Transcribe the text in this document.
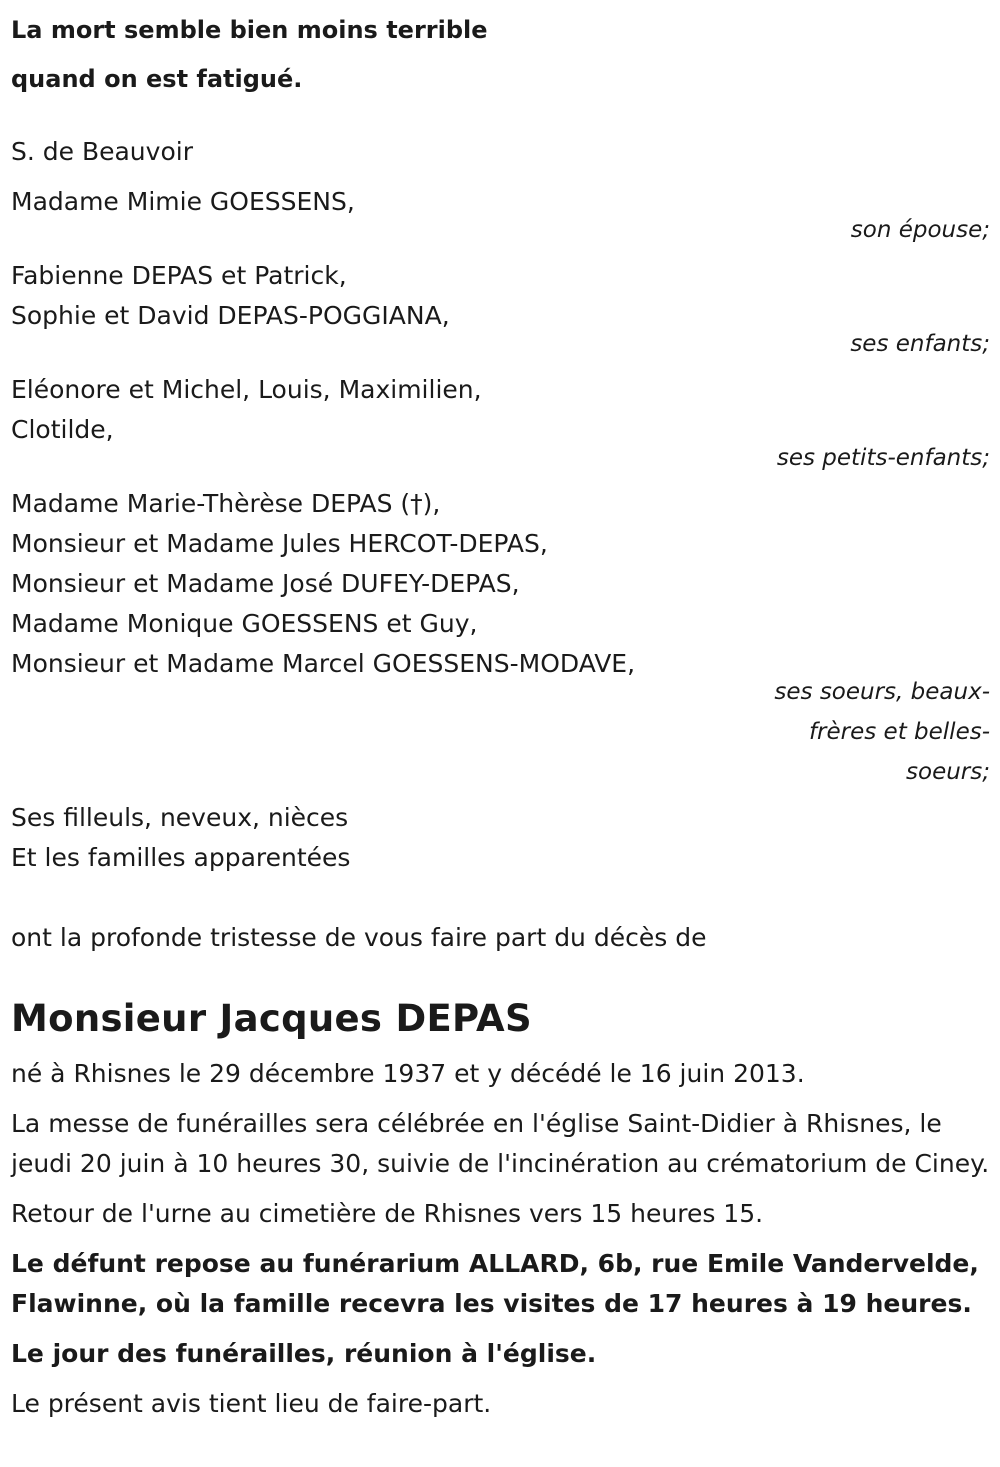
La mort semble bien moins terrible
quand on est fatigué.
S. de Beauvoir
Madame Mimie GOESSENS,
son épouse;
Fabienne DEPAS et Patrick,
Sophie et David DEPAS-POGGIANA,
ses enfants;
Eléonore et Michel, Louis, Maximilien,
Clotilde,
ses petits-enfants;
Madame Marie-Thèrèse DEPAS (†),
Monsieur et Madame Jules HERCOT-DEPAS,
Monsieur et Madame José DUFEY-DEPAS,
Madame Monique GOESSENS et Guy,
Monsieur et Madame Marcel GOESSENS-MODAVE,
ses soeurs, beaux-frères et belles-soeurs;
Ses filleuls, neveux, nièces
Et les familles apparentées
ont la profonde tristesse de vous faire part du décès de
Monsieur Jacques DEPAS
né à Rhisnes le 29 décembre 1937 et y décédé le 16 juin 2013.
La messe de funérailles sera célébrée en l'église Saint-Didier à Rhisnes, le jeudi 20 juin à 10 heures 30, suivie de l'incinération au crématorium de Ciney.
Retour de l'urne au cimetière de Rhisnes vers 15 heures 15.
Le défunt repose au funérarium ALLARD, 6b, rue Emile Vandervelde, Flawinne, où la famille recevra les visites de 17 heures à 19 heures.
Le jour des funérailles, réunion à l'église.
Le présent avis tient lieu de faire-part.
